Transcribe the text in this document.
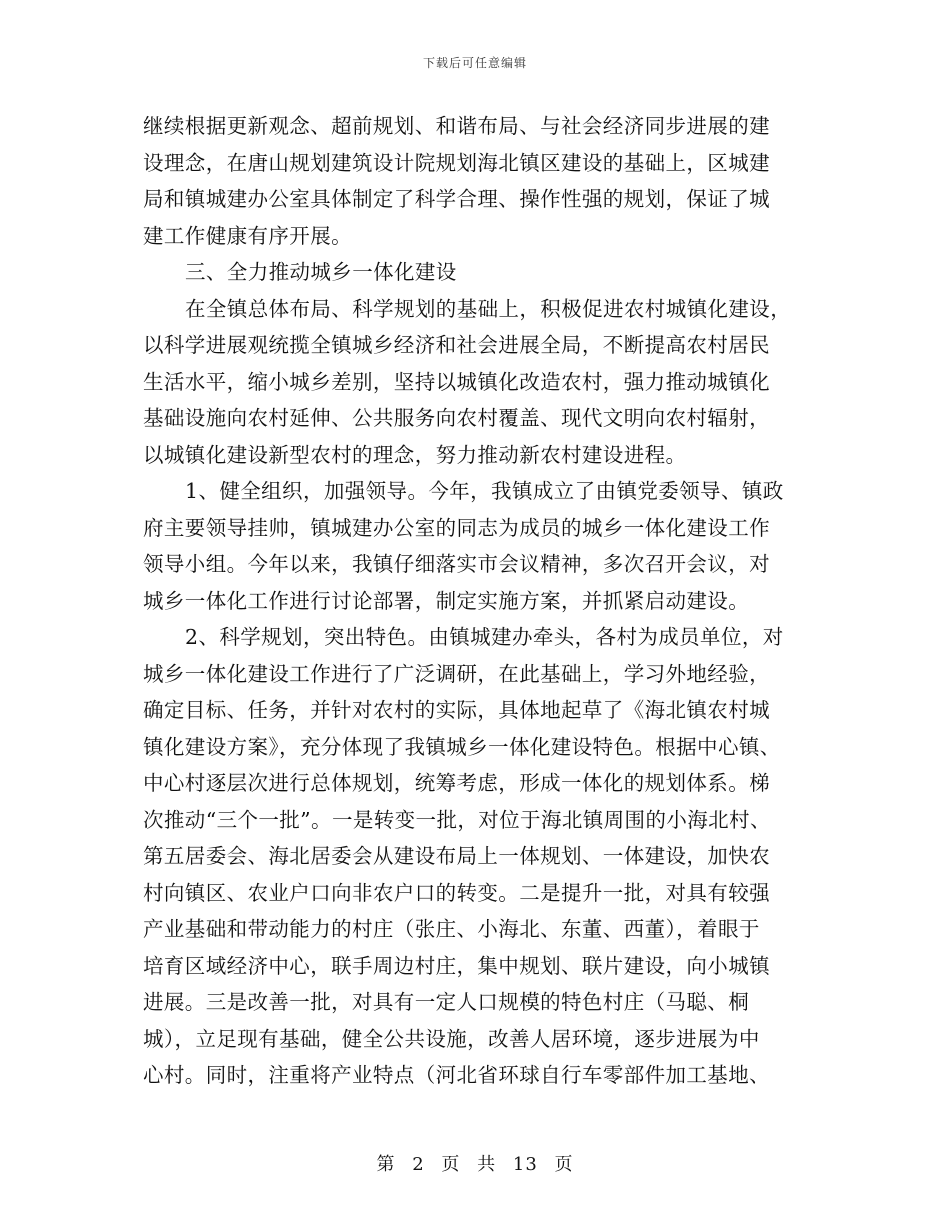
下载后可任意编辑
继续根据更新观念、超前规划、和谐布局、与社会经济同步进展的建
设理念，在唐山规划建筑设计院规划海北镇区建设的基础上，区城建
局和镇城建办公室具体制定了科学合理、操作性强的规划，保证了城
建工作健康有序开展。
三、全力推动城乡一体化建设
在全镇总体布局、科学规划的基础上，积极促进农村城镇化建设，
以科学进展观统揽全镇城乡经济和社会进展全局，不断提高农村居民
生活水平，缩小城乡差别，坚持以城镇化改造农村，强力推动城镇化
基础设施向农村延伸、公共服务向农村覆盖、现代文明向农村辐射，
以城镇化建设新型农村的理念，努力推动新农村建设进程。
1、健全组织，加强领导。今年，我镇成立了由镇党委领导、镇政
府主要领导挂帅，镇城建办公室的同志为成员的城乡一体化建设工作
领导小组。今年以来，我镇仔细落实市会议精神，多次召开会议，对
城乡一体化工作进行讨论部署，制定实施方案，并抓紧启动建设。
2、科学规划，突出特色。由镇城建办牵头，各村为成员单位，对
城乡一体化建设工作进行了广泛调研，在此基础上，学习外地经验，
确定目标、任务，并针对农村的实际，具体地起草了《海北镇农村城
镇化建设方案》，充分体现了我镇城乡一体化建设特色。根据中心镇、
中心村逐层次进行总体规划，统筹考虑，形成一体化的规划体系。梯
次推动“三个一批”。一是转变一批，对位于海北镇周围的小海北村、
第五居委会、海北居委会从建设布局上一体规划、一体建设，加快农
村向镇区、农业户口向非农户口的转变。二是提升一批，对具有较强
产业基础和带动能力的村庄（张庄、小海北、东董、西董），着眼于
培育区域经济中心，联手周边村庄，集中规划、联片建设，向小城镇
进展。三是改善一批，对具有一定人口规模的特色村庄（马聪、桐
城），立足现有基础，健全公共设施，改善人居环境，逐步进展为中
心村。同时，注重将产业特点（河北省环球自行车零部件加工基地、
第 2 页 共 13 页
